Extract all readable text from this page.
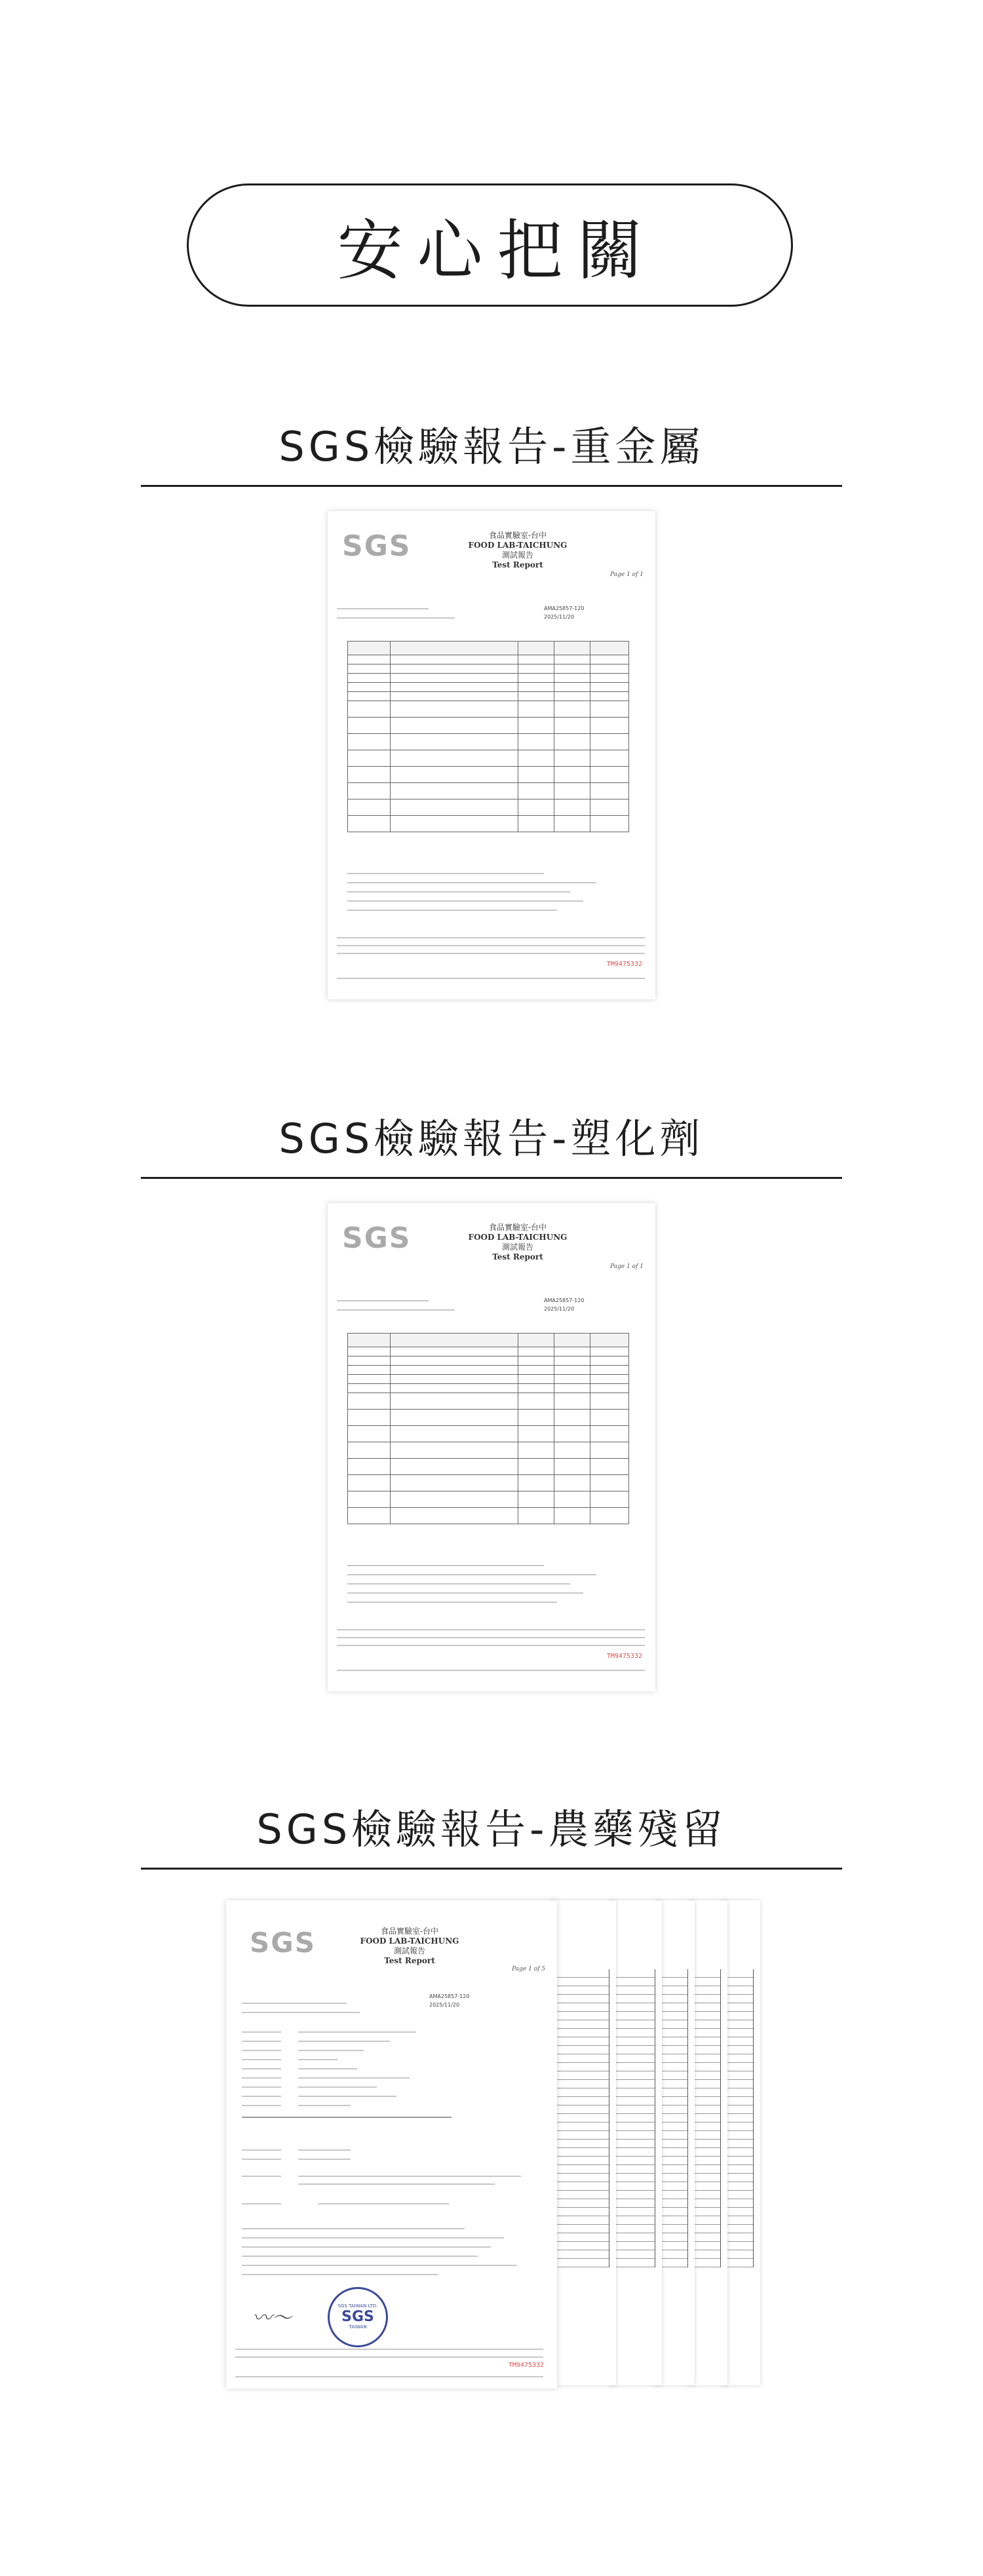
安心把關
SGS檢驗報告-重金屬
SGS	食品實驗室-台中
FOOD LAB-TAICHUNG
測試報告
Test Report
Page 1 of 1
AMA25857-120
2025/11/20

TM9475332
SGS檢驗報告-塑化劑
SGS	食品實驗室-台中
FOOD LAB-TAICHUNG
測試報告
Test Report
Page 1 of 1
AMA25857-120
2025/11/20

TM9475332
SGS檢驗報告-農藥殘留
SGS	食品實驗室-台中
FOOD LAB-TAICHUNG
測試報告
Test Report
Page 1 of 5
AMA25857-120
2025/11/20
〰〜
SGS TAIWAN LTD.
SGS
TAIWAN
TM9475332
